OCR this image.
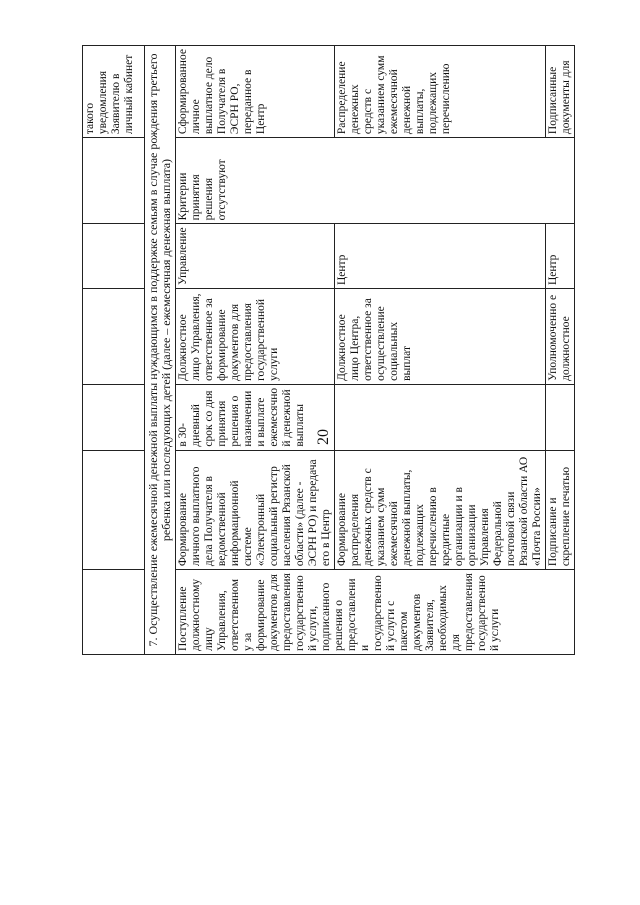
20
						такого уведомления Заявителю в личный кабинет
7. Осуществление ежемесячной денежной выплаты нуждающимся в поддержке семьям в случае рождения третьего ребенка или последующих детей (далее – ежемесячная денежная выплата)						
Поступление должностному лицу Управления, ответственном у за формирование документов для предоставления государственно й услуги, подписанного решения о предоставлени и государственно й услуги с пакетом документов Заявителя, необходимых для предоставления государственно й услуги	Формирование личного выплатного дела Получателя в ведомственной информационной системе «Электронный социальный регистр населения Рязанской области» (далее - ЭСРН РО) и передача его в Центр	в 30-дневный срок со дня принятия решения о назначении и выплате ежемесячно й денежной выплаты	Должностное лицо Управления, ответственное за формирование документов для предоставления государственной услуги	Управление	Критерии принятия решения отсутствуют	Сформированное личное выплатное дело Получателя в ЭСРН РО, переданное в Центр
	Формирование распределения денежных средств с указанием сумм ежемесячной денежной выплаты, подлежащих перечислению в кредитные организации и в организации Управления Федеральной почтовой связи Рязанской области АО «Почта России»		Должностное лицо Центра, ответственное за осуществление социальных выплат	Центр		Распределение денежных средств с указанием сумм ежемесячной денежной выплаты, подлежащих перечислению
	Подписание и скрепление печатью		Уполномоченно е должностное	Центр		Подписанные документы для
